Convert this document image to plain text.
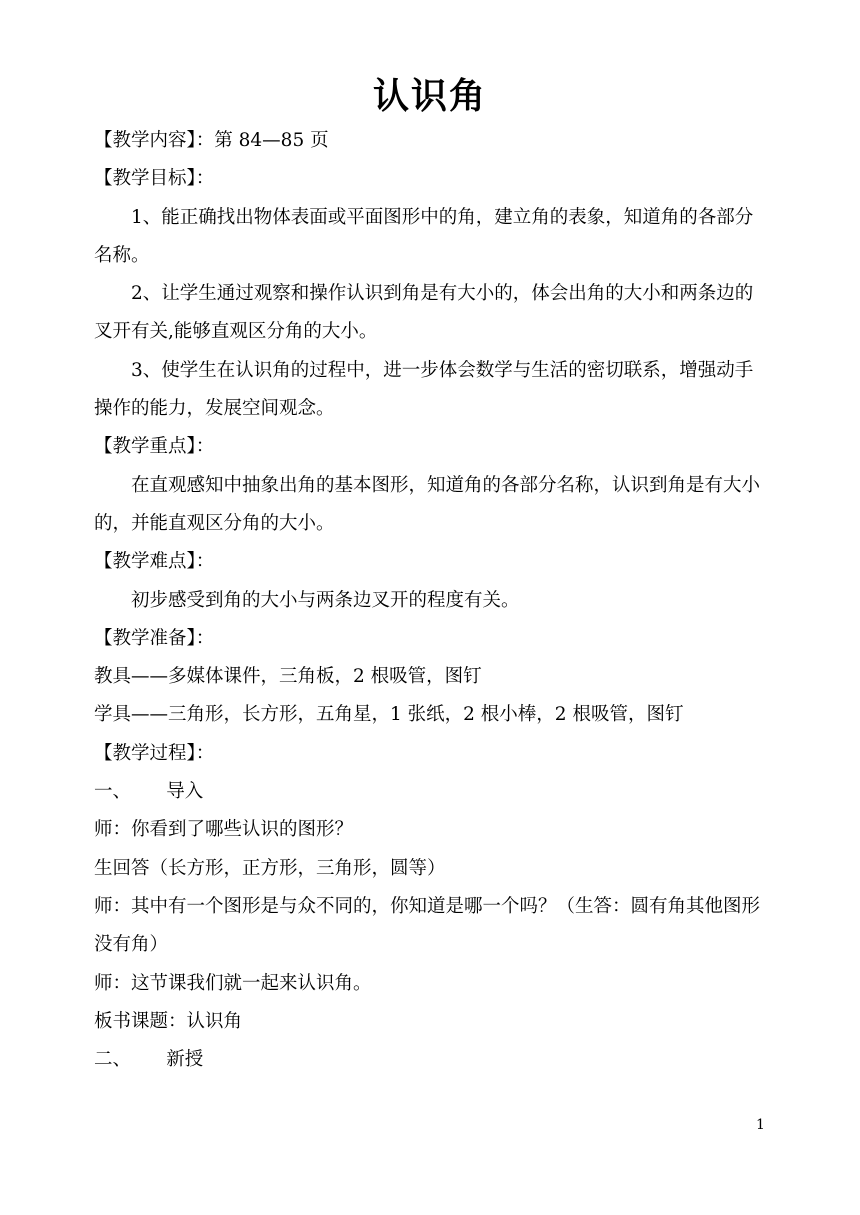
认识角

【教学内容】：第 84—85 页

【教学目标】：

1、能正确找出物体表面或平面图形中的角，建立角的表象，知道角的各部分名称。

2、让学生通过观察和操作认识到角是有大小的，体会出角的大小和两条边的叉开有关,能够直观区分角的大小。

3、使学生在认识角的过程中，进一步体会数学与生活的密切联系，增强动手操作的能力，发展空间观念。

【教学重点】：

在直观感知中抽象出角的基本图形，知道角的各部分名称，认识到角是有大小的，并能直观区分角的大小。

【教学难点】：

初步感受到角的大小与两条边叉开的程度有关。

【教学准备】：

教具——多媒体课件，三角板，2 根吸管，图钉

学具——三角形，长方形，五角星，1 张纸，2 根小棒，2 根吸管，图钉

【教学过程】：

一、      导入

师：你看到了哪些认识的图形？

生回答（长方形，正方形，三角形，圆等）

师：其中有一个图形是与众不同的，你知道是哪一个吗？（生答：圆有角其他图形没有角）

师：这节课我们就一起来认识角。

板书课题：认识角

二、      新授

1
